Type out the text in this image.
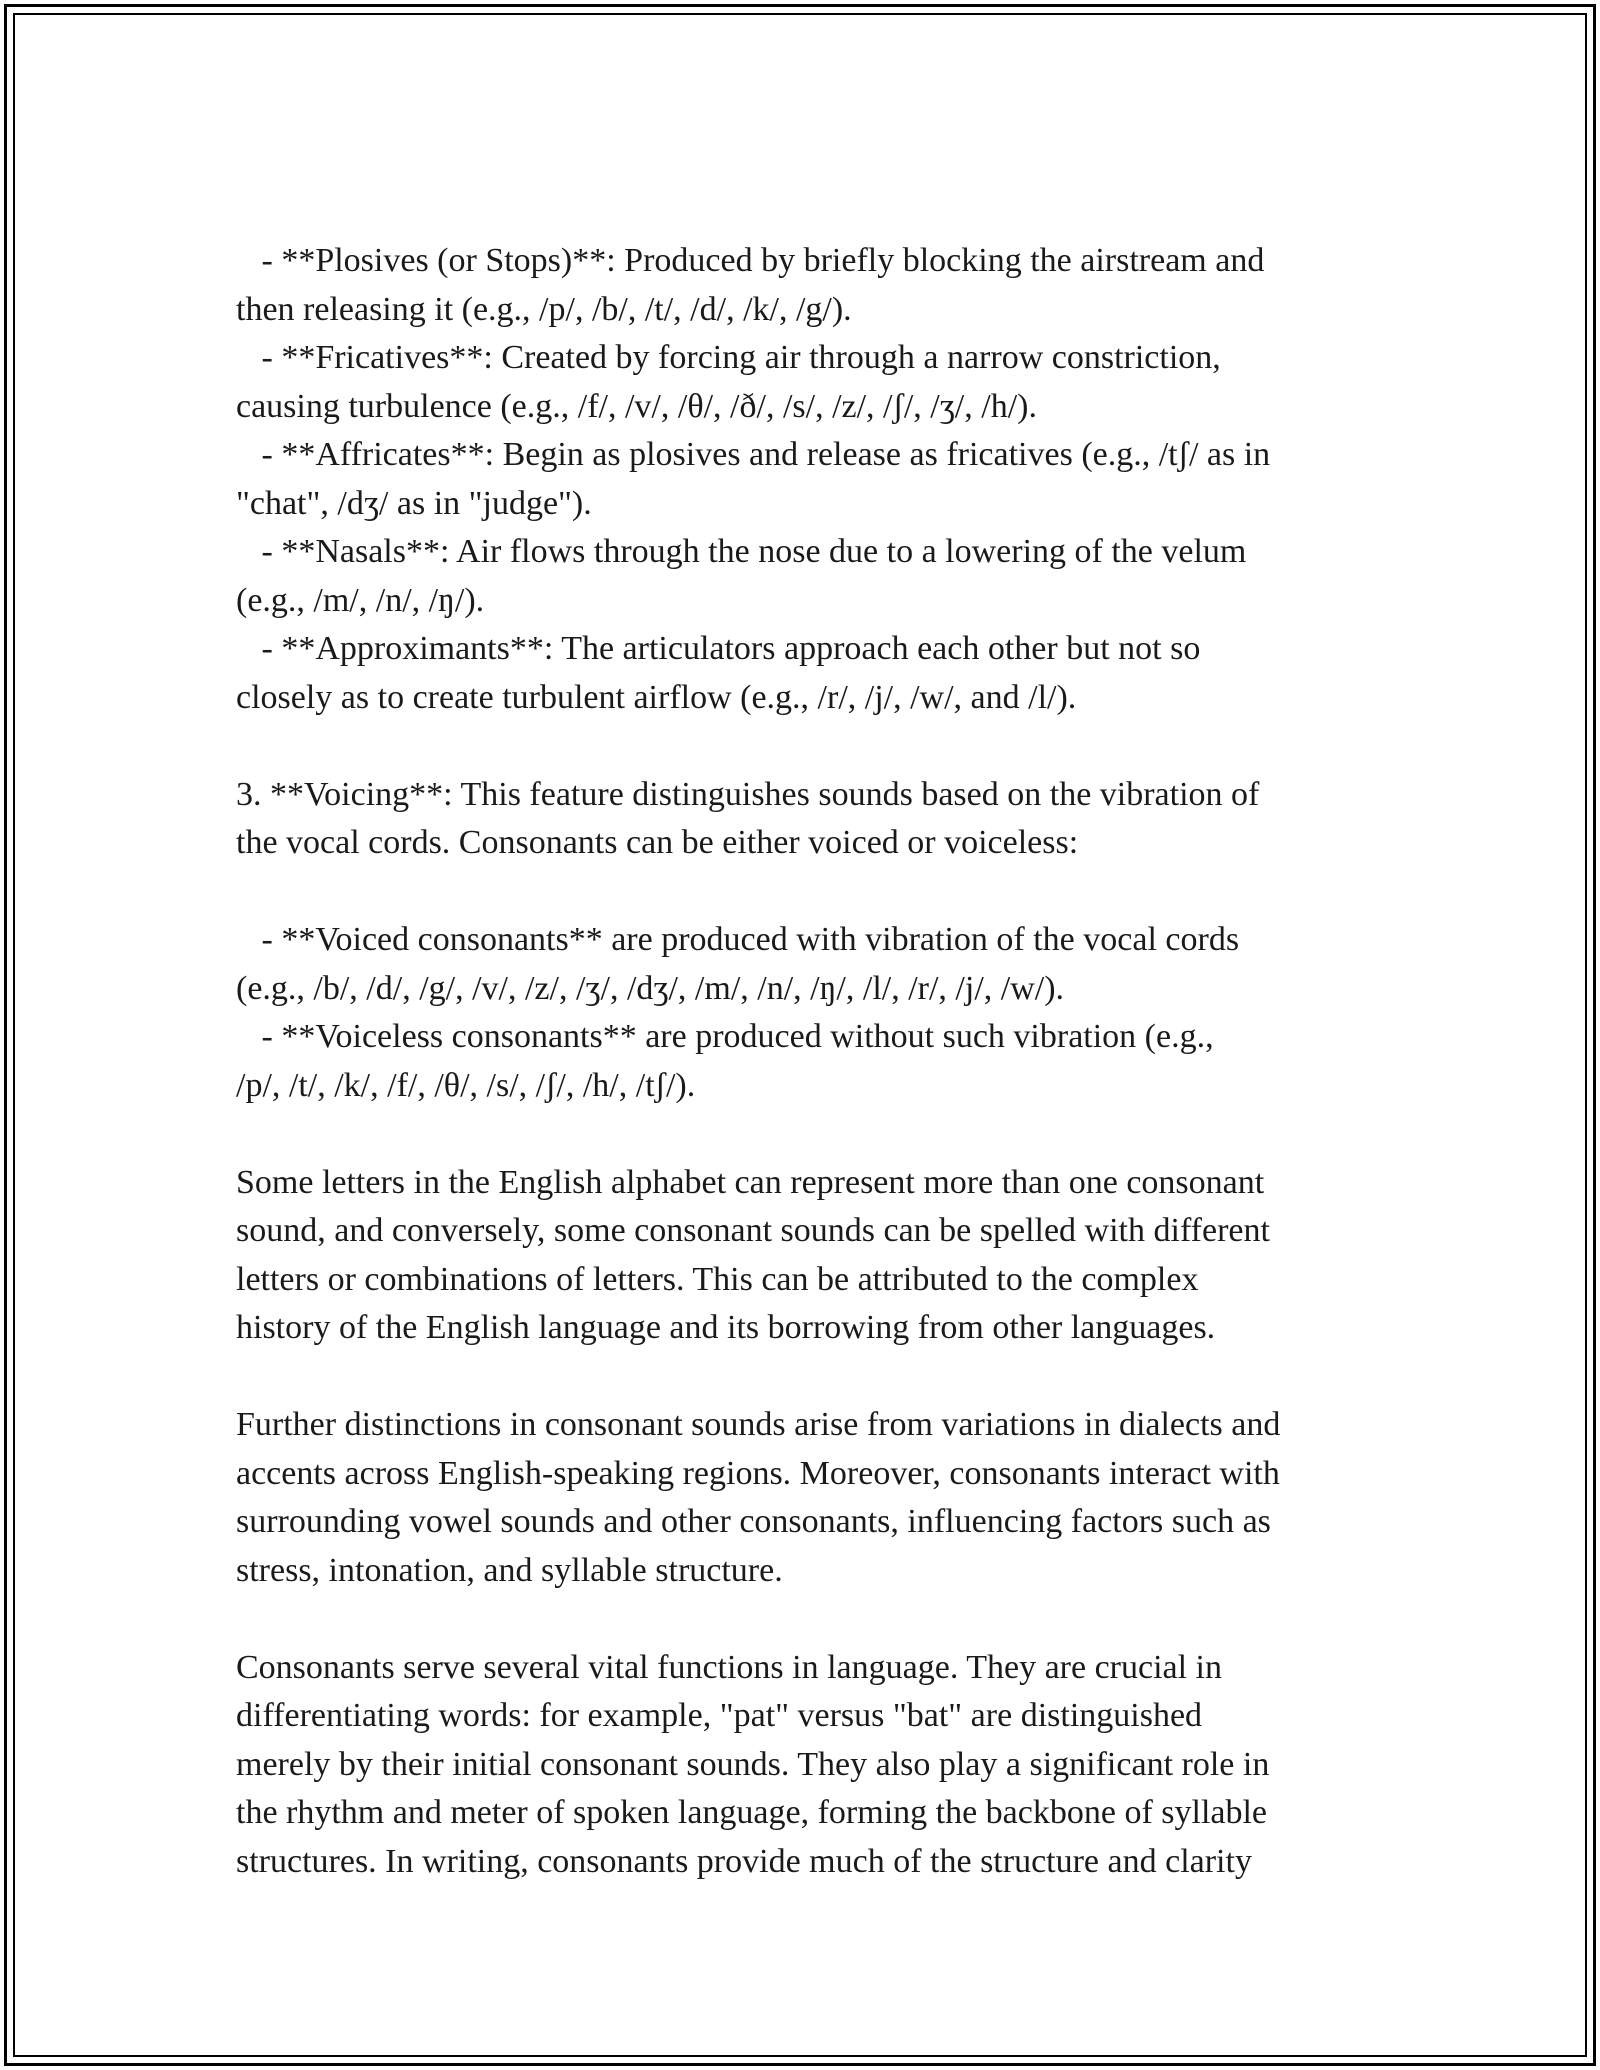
- **Plosives (or Stops)**: Produced by briefly blocking the airstream and
then releasing it (e.g., /p/, /b/, /t/, /d/, /k/, /g/).
- **Fricatives**: Created by forcing air through a narrow constriction,
causing turbulence (e.g., /f/, /v/, /θ/, /ð/, /s/, /z/, /ʃ/, /ʒ/, /h/).
- **Affricates**: Begin as plosives and release as fricatives (e.g., /tʃ/ as in
"chat", /dʒ/ as in "judge").
- **Nasals**: Air flows through the nose due to a lowering of the velum
(e.g., /m/, /n/, /ŋ/).
- **Approximants**: The articulators approach each other but not so
closely as to create turbulent airflow (e.g., /r/, /j/, /w/, and /l/).
3. **Voicing**: This feature distinguishes sounds based on the vibration of
the vocal cords. Consonants can be either voiced or voiceless:
- **Voiced consonants** are produced with vibration of the vocal cords
(e.g., /b/, /d/, /g/, /v/, /z/, /ʒ/, /dʒ/, /m/, /n/, /ŋ/, /l/, /r/, /j/, /w/).
- **Voiceless consonants** are produced without such vibration (e.g.,
/p/, /t/, /k/, /f/, /θ/, /s/, /ʃ/, /h/, /tʃ/).
Some letters in the English alphabet can represent more than one consonant
sound, and conversely, some consonant sounds can be spelled with different
letters or combinations of letters. This can be attributed to the complex
history of the English language and its borrowing from other languages.
Further distinctions in consonant sounds arise from variations in dialects and
accents across English-speaking regions. Moreover, consonants interact with
surrounding vowel sounds and other consonants, influencing factors such as
stress, intonation, and syllable structure.
Consonants serve several vital functions in language. They are crucial in
differentiating words: for example, "pat" versus "bat" are distinguished
merely by their initial consonant sounds. They also play a significant role in
the rhythm and meter of spoken language, forming the backbone of syllable
structures. In writing, consonants provide much of the structure and clarity
